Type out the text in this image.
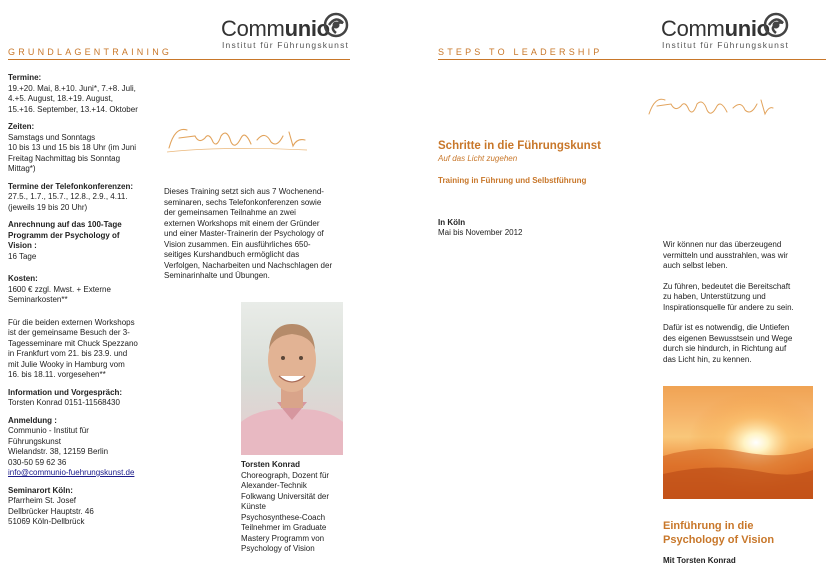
Communio
Institut für Führungskunst
GRUNDLAGENTRAINING
Termine:
19.+20. Mai, 8.+10. Juni*, 7.+8. Juli,
4.+5. August, 18.+19. August,
15.+16. September, 13.+14. Oktober
Zeiten:
Samstags und Sonntags
10 bis 13 und 15 bis 18 Uhr (im Juni
Freitag Nachmittag bis Sonntag
Mittag*)
Termine der Telefonkonferenzen:
27.5., 1.7., 15.7., 12.8., 2.9., 4.11.
(jeweils 19 bis 20 Uhr)
Anrechnung auf das 100-Tage
Programm der Psychology of
Vision :
16 Tage
Kosten:
1600 € zzgl. Mwst. + Externe
Seminarkosten**
Für die beiden externen Workshops
ist der gemeinsame Besuch der 3-
Tagesseminare mit Chuck Spezzano
in Frankfurt vom 21. bis 23.9. und
mit Julie Wooky in Hamburg vom
16. bis 18.11. vorgesehen**
Information und Vorgespräch:
Torsten Konrad 0151-11568430
Anmeldung :
Communio - Institut für
Führungskunst
Wielandstr. 38, 12159 Berlin
030-50 59 62 36
info@communio-fuehrungskunst.de
Seminarort Köln:
Pfarrheim St. Josef
Dellbrücker Hauptstr. 46
51069 Köln-Dellbrück
Dieses Training setzt sich aus 7 Wochenend-
seminaren, sechs Telefonkonferenzen sowie
der gemeinsamen Teilnahme an zwei
externen Workshops mit einem der Gründer
und einer Master-Trainerin der Psychology of
Vision zusammen. Ein ausführliches 650-
seitiges Kurshandbuch ermöglicht das
Verfolgen, Nacharbeiten und Nachschlagen der
Seminarinhalte und Übungen.
Torsten Konrad
Choreograph, Dozent für
Alexander-Technik
Folkwang Universität der
Künste
Psychosynthese-Coach
Teilnehmer im Graduate
Mastery Programm von
Psychology of Vision
Communio
Institut für Führungskunst
STEPS TO LEADERSHIP
Schritte in die Führungskunst
Auf das Licht zugehen
Training in Führung und Selbstführung
In Köln
Mai bis November 2012
Wir können nur das überzeugend
vermitteln und ausstrahlen, was wir
auch selbst leben.
Zu führen, bedeutet die Bereitschaft
zu haben, Unterstützung und
Inspirationsquelle für andere zu sein.
Dafür ist es notwendig, die Untiefen
des eigenen Bewusstsein und Wege
durch sie hindurch, in Richtung auf
das Licht hin, zu kennen.
Einführung in die
Psychology of Vision
Mit Torsten Konrad
